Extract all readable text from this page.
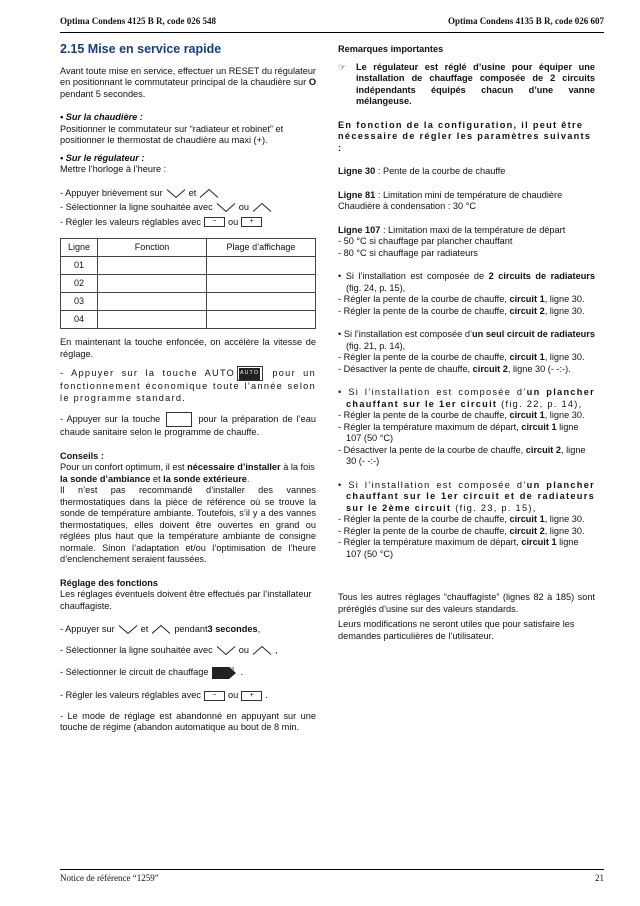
Optima Condens 4125 B R, code 026 548	Optima Condens 4135 B R, code 026 607

2.15 Mise en service rapide

Avant toute mise en service, effectuer un RESET du régulateur en positionnant le commutateur principal de la chaudière sur O pendant 5 secondes.

• Sur la chaudière :

Positionner le commutateur sur “radiateur et robinet” et positionner le thermostat de chaudière au maxi (+).

• Sur le régulateur :

Mettre l’horloge à l’heure :

- Appuyer brièvement sur	et
- Sélectionner la ligne souhaitée avec	ou
- Régler les valeurs réglables avec	−	ou	+
Ligne	Fonction	Plage d’affichage
01		
02		
03		
04		

En maintenant la touche enfoncée, on accélère la vitesse de réglage.

- Appuyer sur la touche AUTO AUTO pour un fonctionnement économique toute l’année selon le programme standard.

- Appuyer sur la touche	pour la préparation de l’eau chaude sanitaire selon le programme de chauffe.

Conseils :

Pour un confort optimum, il est nécessaire d’installer à la fois la sonde d’ambiance et la sonde extérieure.

Il n’est pas recommandé d’installer des vannes thermostatiques dans la pièce de référence où se trouve la sonde de température ambiante. Toutefois, s’il y a des vannes thermostatiques, elles doivent être ouvertes en grand ou réglées plus haut que la température ambiante de consigne normale. Sinon l’adaptation et/ou l’optimisation de l’heure d’enclenchement seraient faussées.

Réglage des fonctions

Les réglages éventuels doivent être effectués par l’installateur chauffagiste.

- Appuyer sur	et	pendant 3 secondes ,
- Sélectionner la ligne souhaitée avec	ou	,
- Sélectionner le circuit de chauffage	III .
- Régler les valeurs réglables avec	−	ou	+	.

- Le mode de réglage est abandonné en appuyant sur une touche de régime (abandon automatique au bout de 8 min.

Remarques importantes

☞	Le régulateur est réglé d’usine pour équiper une installation de chauffage composée de 2 circuits indépendants équipés chacun d’une vanne mélangeuse.

En fonction de la configuration, il peut être nécessaire de régler les paramètres suivants :

Ligne 30 : Pente de la courbe de chauffe

Ligne 81 : Limitation mini de température de chaudière

Chaudière à condensation : 30 °C

Ligne 107 : Limitation maxi de la température de départ

- 50 °C si chauffage par plancher chauffant

- 80 °C si chauffage par radiateurs

• Si l’installation est composée de 2 circuits de radiateurs (fig. 24, p. 15),

- Régler la pente de la courbe de chauffe, circuit 1, ligne 30.

- Régler la pente de la courbe de chauffe, circuit 2, ligne 30.

• Si l’installation est composée d’un seul circuit de radiateurs (fig. 21, p. 14),

- Régler la pente de la courbe de chauffe, circuit 1, ligne 30.

- Désactiver la pente de chauffe, circuit 2, ligne 30 (- -:-).

• Si l’installation est composée d’un plancher chauffant sur le 1er circuit (fig. 22, p. 14),

- Régler la pente de la courbe de chauffe, circuit 1, ligne 30.

- Régler la température maximum de départ, circuit 1 ligne 107 (50 °C)

- Désactiver la pente de la courbe de chauffe, circuit 2, ligne 30 (- -:-)

• Si l’installation est composée d’un plancher chauffant sur le 1er circuit et de radiateurs sur le 2ème circuit (fig. 23, p. 15),

- Régler la pente de la courbe de chauffe, circuit 1, ligne 30.

- Régler la pente de la courbe de chauffe, circuit 2, ligne 30.

- Régler la température maximum de départ, circuit 1 ligne 107 (50 °C)

Tous les autres réglages “chauffagiste” (lignes 82 à 185) sont préréglés d’usine sur des valeurs standards.

Leurs modifications ne seront utiles que pour satisfaire les demandes particulières de l’utilisateur.

Notice de référence “1259”	21
